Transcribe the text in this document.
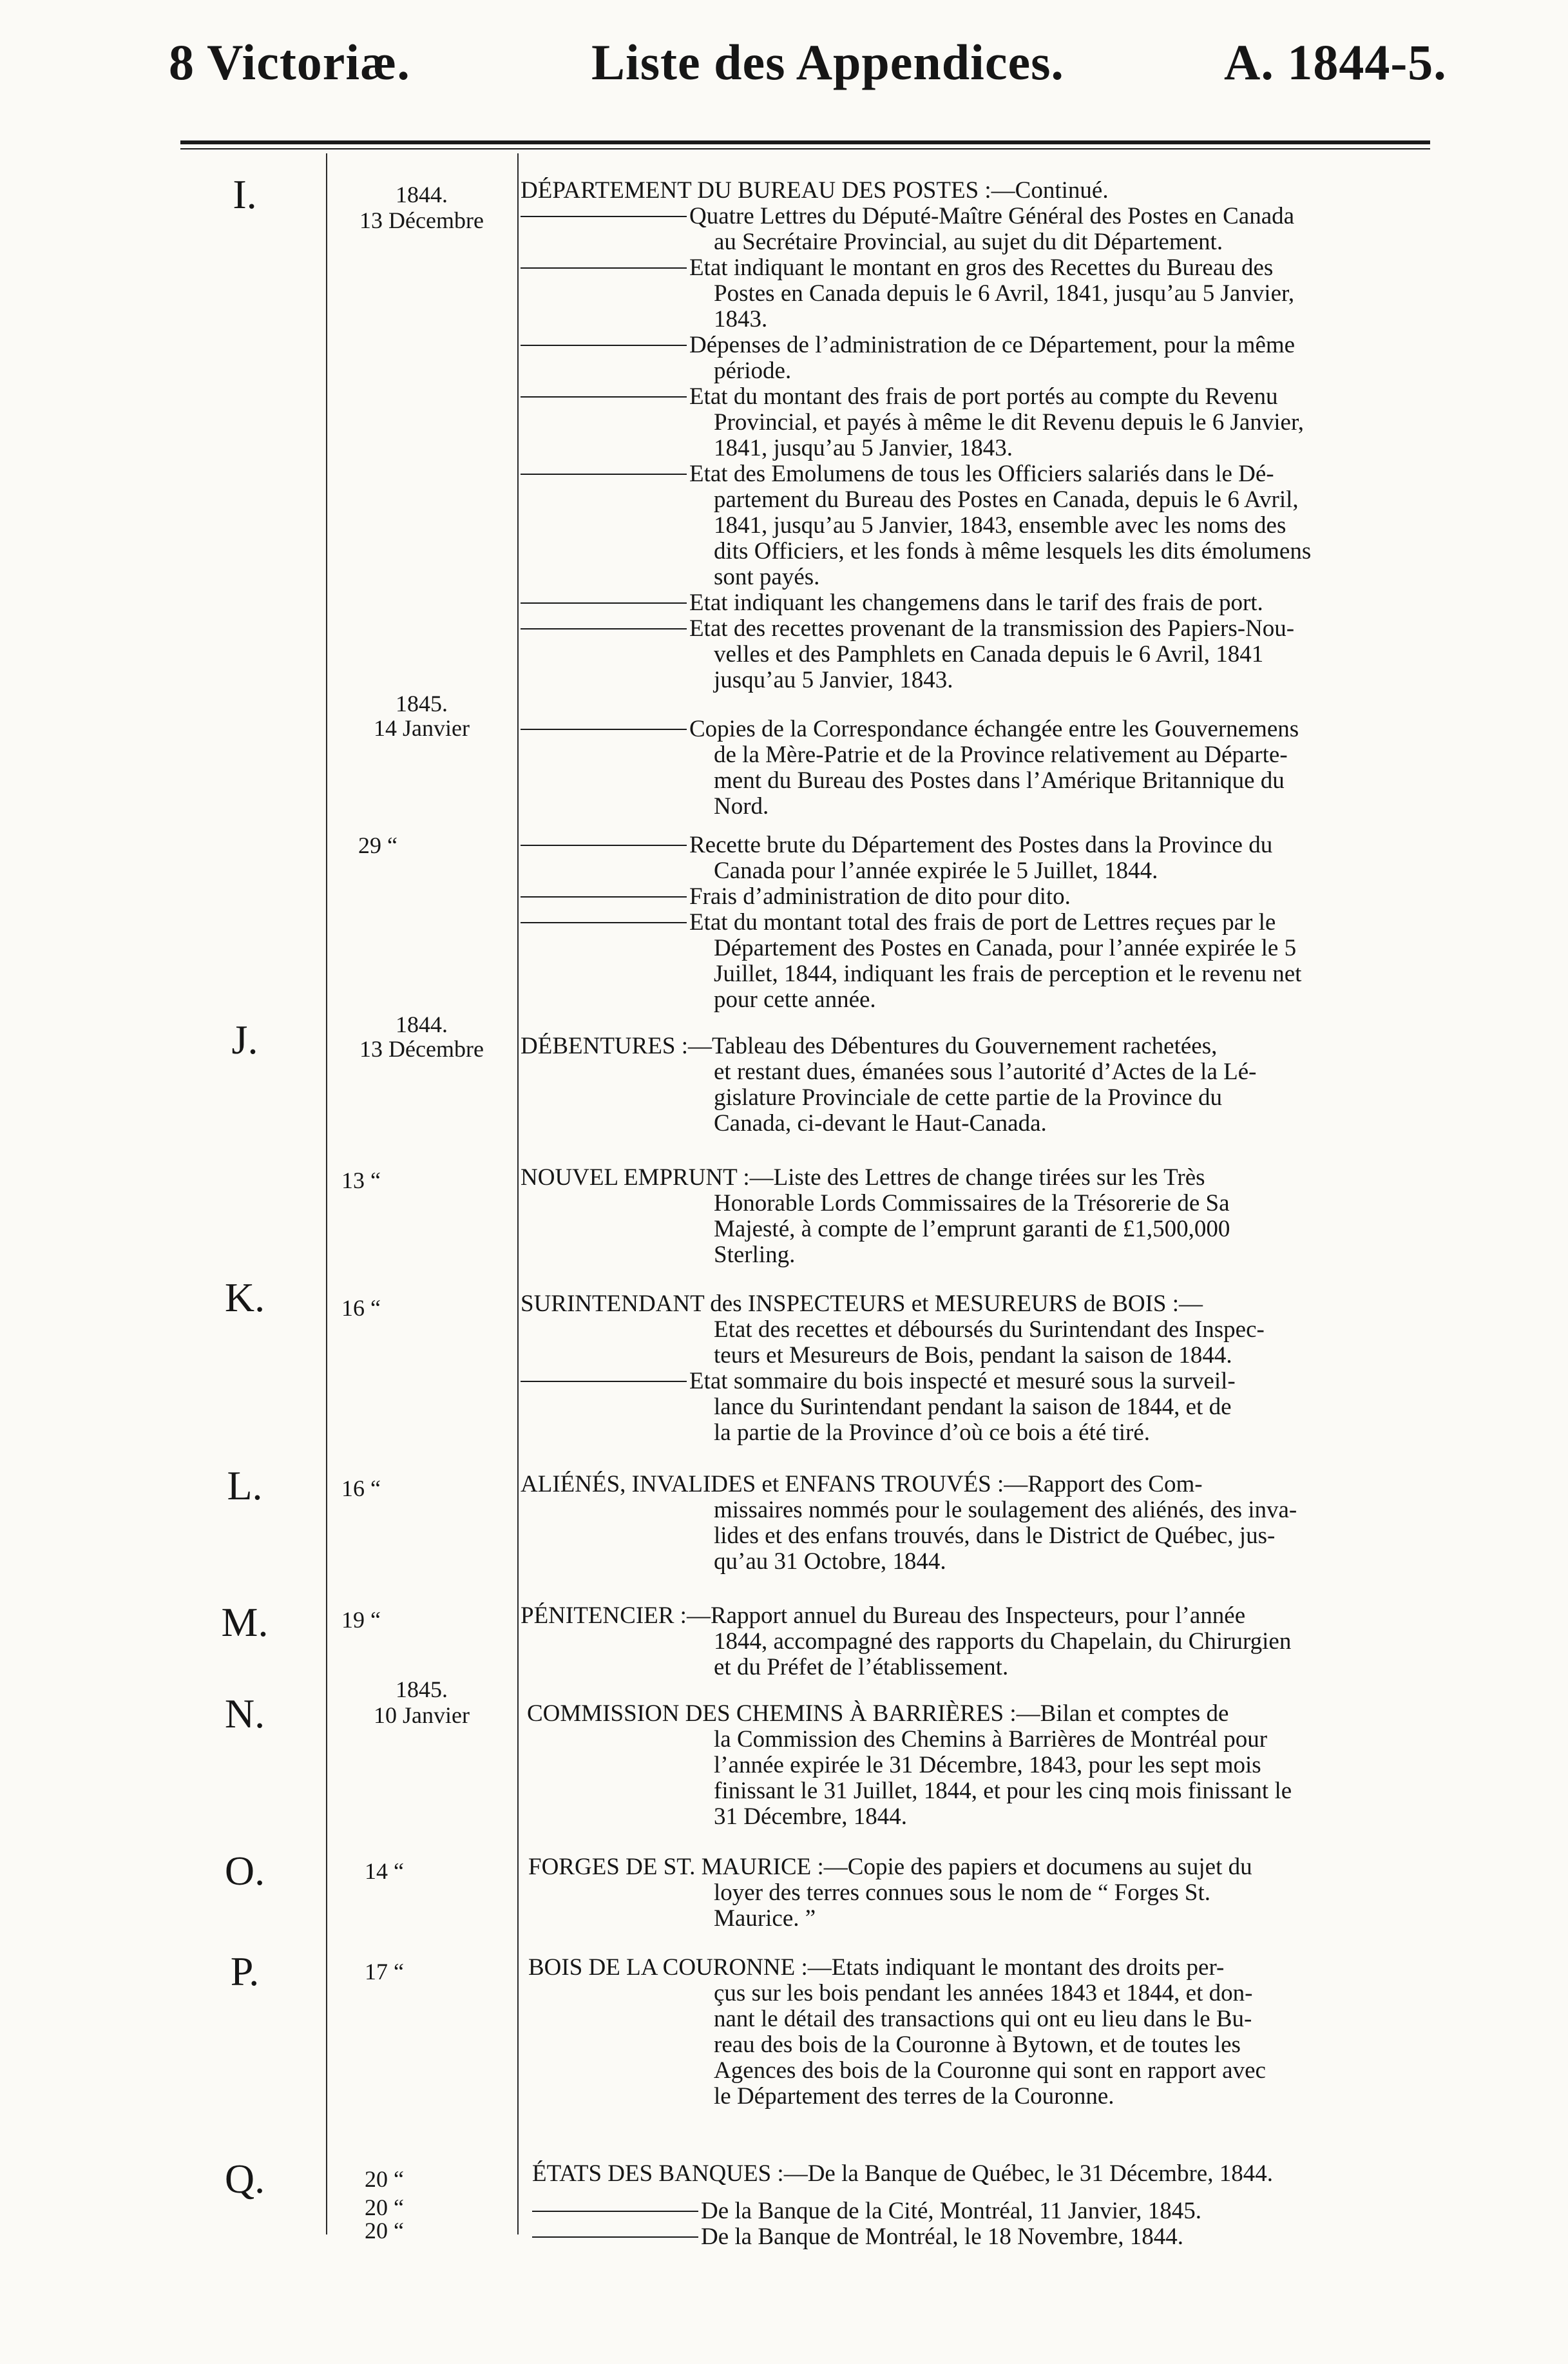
8 Victoriæ.	Liste des Appendices.	A. 1844-5.
I.
J.
K.
L.
M.
N.
O.
P.
Q.
1844.
13 Décembre
1845.
14 Janvier
29 “
1844.
13 Décembre
13 “
16 “
16 “
19 “
1845.
10 Janvier
14 “
17 “
20 “
20 “
20 “
DÉPARTEMENT DU BUREAU DES POSTES :—Continué.
Quatre Lettres du Député-Maître Général des Postes en Canada
au Secrétaire Provincial, au sujet du dit Département.
Etat indiquant le montant en gros des Recettes du Bureau des
Postes en Canada depuis le 6 Avril, 1841, jusqu’au 5 Janvier,
1843.
Dépenses de l’administration de ce Département, pour la même
période.
Etat du montant des frais de port portés au compte du Revenu
Provincial, et payés à même le dit Revenu depuis le 6 Janvier,
1841, jusqu’au 5 Janvier, 1843.
Etat des Emolumens de tous les Officiers salariés dans le Dé-
partement du Bureau des Postes en Canada, depuis le 6 Avril,
1841, jusqu’au 5 Janvier, 1843, ensemble avec les noms des
dits Officiers, et les fonds à même lesquels les dits émolumens
sont payés.
Etat indiquant les changemens dans le tarif des frais de port.
Etat des recettes provenant de la transmission des Papiers-Nou-
velles et des Pamphlets en Canada depuis le 6 Avril, 1841
jusqu’au 5 Janvier, 1843.
Copies de la Correspondance échangée entre les Gouvernemens
de la Mère-Patrie et de la Province relativement au Départe-
ment du Bureau des Postes dans l’Amérique Britannique du
Nord.
Recette brute du Département des Postes dans la Province du
Canada pour l’année expirée le 5 Juillet, 1844.
Frais d’administration de dito pour dito.
Etat du montant total des frais de port de Lettres reçues par le
Département des Postes en Canada, pour l’année expirée le 5
Juillet, 1844, indiquant les frais de perception et le revenu net
pour cette année.
DÉBENTURES :—Tableau des Débentures du Gouvernement rachetées,
et restant dues, émanées sous l’autorité d’Actes de la Lé-
gislature Provinciale de cette partie de la Province du
Canada, ci-devant le Haut-Canada.
NOUVEL EMPRUNT :—Liste des Lettres de change tirées sur les Très
Honorable Lords Commissaires de la Trésorerie de Sa
Majesté, à compte de l’emprunt garanti de £1,500,000
Sterling.
SURINTENDANT des INSPECTEURS et MESUREURS de BOIS :—
Etat des recettes et déboursés du Surintendant des Inspec-
teurs et Mesureurs de Bois, pendant la saison de 1844.
Etat sommaire du bois inspecté et mesuré sous la surveil-
lance du Surintendant pendant la saison de 1844, et de
la partie de la Province d’où ce bois a été tiré.
ALIÉNÉS, INVALIDES et ENFANS TROUVÉS :—Rapport des Com-
missaires nommés pour le soulagement des aliénés, des inva-
lides et des enfans trouvés, dans le District de Québec, jus-
qu’au 31 Octobre, 1844.
PÉNITENCIER :—Rapport annuel du Bureau des Inspecteurs, pour l’année
1844, accompagné des rapports du Chapelain, du Chirurgien
et du Préfet de l’établissement.
COMMISSION DES CHEMINS À BARRIÈRES :—Bilan et comptes de
la Commission des Chemins à Barrières de Montréal pour
l’année expirée le 31 Décembre, 1843, pour les sept mois
finissant le 31 Juillet, 1844, et pour les cinq mois finissant le
31 Décembre, 1844.
FORGES DE ST. MAURICE :—Copie des papiers et documens au sujet du
loyer des terres connues sous le nom de “ Forges St.
Maurice. ”
BOIS DE LA COURONNE :—Etats indiquant le montant des droits per-
çus sur les bois pendant les années 1843 et 1844, et don-
nant le détail des transactions qui ont eu lieu dans le Bu-
reau des bois de la Couronne à Bytown, et de toutes les
Agences des bois de la Couronne qui sont en rapport avec
le Département des terres de la Couronne.
ÉTATS DES BANQUES :—De la Banque de Québec, le 31 Décembre, 1844.
De la Banque de la Cité, Montréal, 11 Janvier, 1845.
De la Banque de Montréal, le 18 Novembre, 1844.
